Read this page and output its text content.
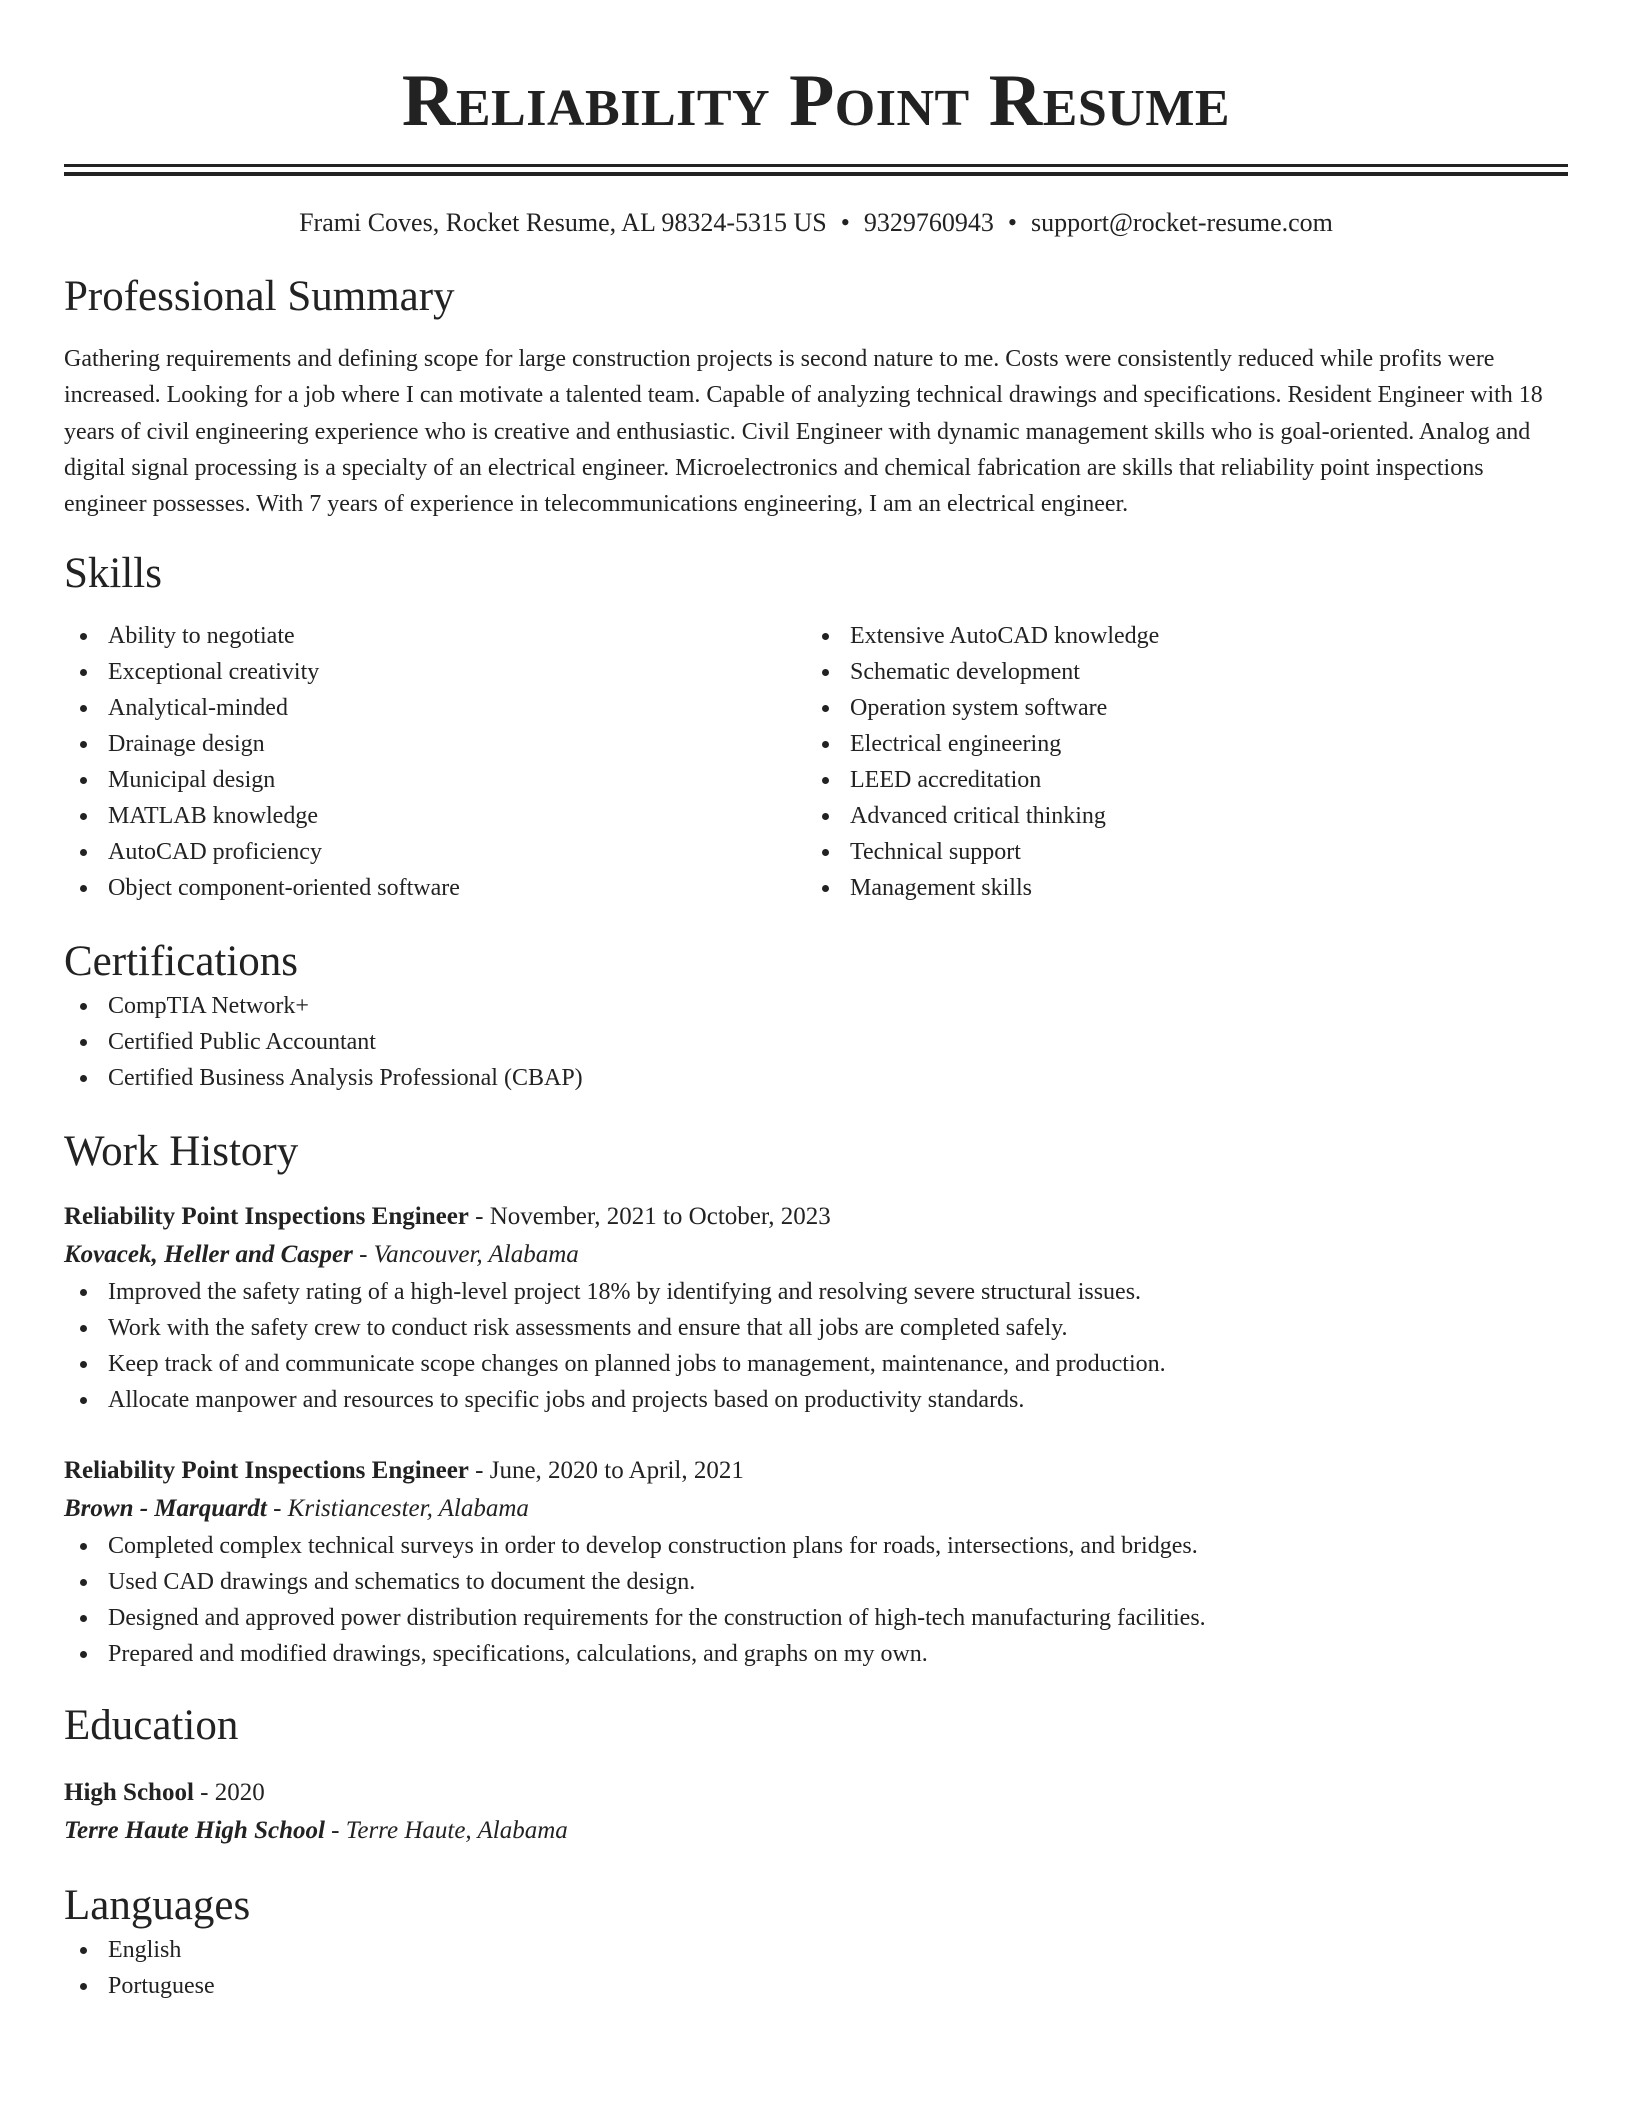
Reliability Point Resume
Frami Coves, Rocket Resume, AL 98324-5315 US • 9329760943 • support@rocket-resume.com
Professional Summary

Gathering requirements and defining scope for large construction projects is second nature to me. Costs were consistently reduced while profits were increased. Looking for a job where I can motivate a talented team. Capable of analyzing technical drawings and specifications. Resident Engineer with 18 years of civil engineering experience who is creative and enthusiastic. Civil Engineer with dynamic management skills who is goal-oriented. Analog and digital signal processing is a specialty of an electrical engineer. Microelectronics and chemical fabrication are skills that reliability point inspections engineer possesses. With 7 years of experience in telecommunications engineering, I am an electrical engineer.

Skills
Ability to negotiate
Exceptional creativity
Analytical-minded
Drainage design
Municipal design
MATLAB knowledge
AutoCAD proficiency
Object component-oriented software
Extensive AutoCAD knowledge
Schematic development
Operation system software
Electrical engineering
LEED accreditation
Advanced critical thinking
Technical support
Management skills
Certifications
CompTIA Network+
Certified Public Accountant
Certified Business Analysis Professional (CBAP)
Work History
Reliability Point Inspections Engineer - November, 2021 to October, 2023
Kovacek, Heller and Casper - Vancouver, Alabama
Improved the safety rating of a high-level project 18% by identifying and resolving severe structural issues.
Work with the safety crew to conduct risk assessments and ensure that all jobs are completed safely.
Keep track of and communicate scope changes on planned jobs to management, maintenance, and production.
Allocate manpower and resources to specific jobs and projects based on productivity standards.
Reliability Point Inspections Engineer - June, 2020 to April, 2021
Brown - Marquardt - Kristiancester, Alabama
Completed complex technical surveys in order to develop construction plans for roads, intersections, and bridges.
Used CAD drawings and schematics to document the design.
Designed and approved power distribution requirements for the construction of high-tech manufacturing facilities.
Prepared and modified drawings, specifications, calculations, and graphs on my own.
Education
High School - 2020
Terre Haute High School - Terre Haute, Alabama
Languages
English
Portuguese
